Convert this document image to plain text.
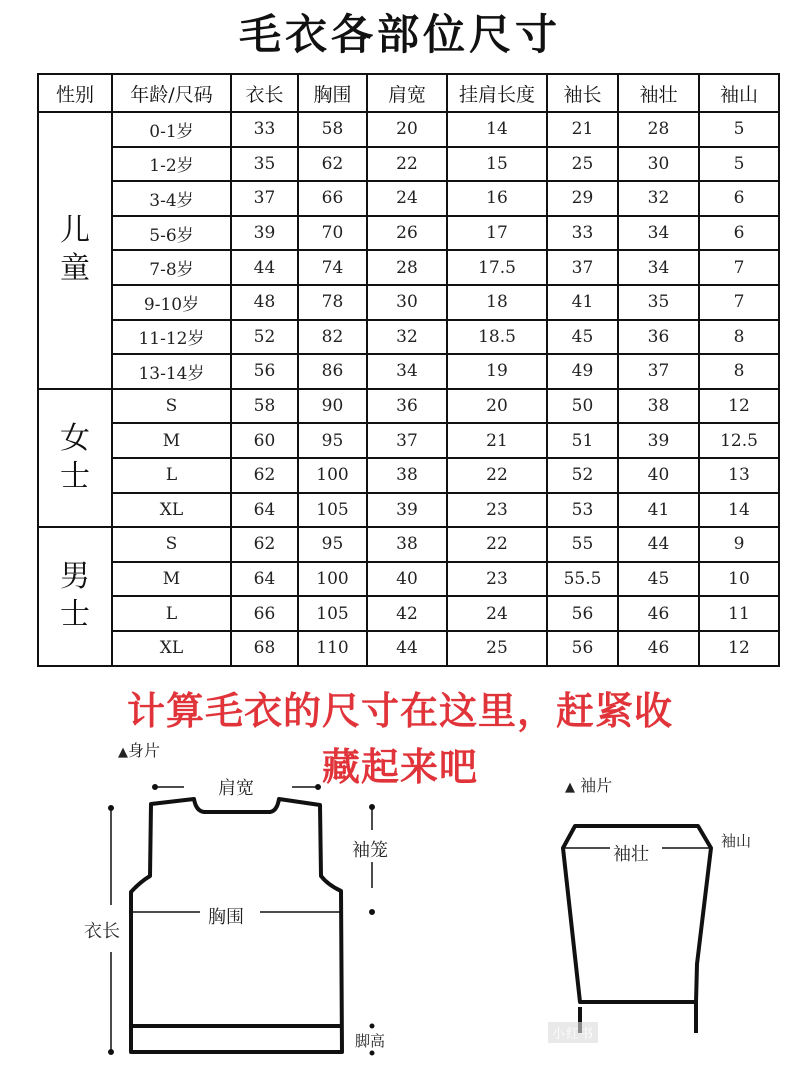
毛衣各部位尺寸
性别	年龄/尺码	衣长	胸围	肩宽	挂肩长度	袖长	袖壮	袖山

儿
童	0-1岁	33	58	20	14	21	28	5
	1-2岁	35	62	22	15	25	30	5
	3-4岁	37	66	24	16	29	32	6
	5-6岁	39	70	26	17	33	34	6
	7-8岁	44	74	28	17.5	37	34	7
	9-10岁	48	78	30	18	41	35	7
	11-12岁	52	82	32	18.5	45	36	8
	13-14岁	56	86	34	19	49	37	8

女
士	S	58	90	36	20	50	38	12
	M	60	95	37	21	51	39	12.5
	L	62	100	38	22	52	40	13
	XL	64	105	39	23	53	41	14

男
士	S	62	95	38	22	55	44	9
	M	64	100	40	23	55.5	45	10
	L	66	105	42	24	56	46	11
	XL	68	110	44	25	56	46	12
计算毛衣的尺寸在这里，赶紧收
藏起来吧
▲身片
肩宽
袖笼
胸围
衣长
脚高
▲ 袖片
袖壮
袖山
小红书
